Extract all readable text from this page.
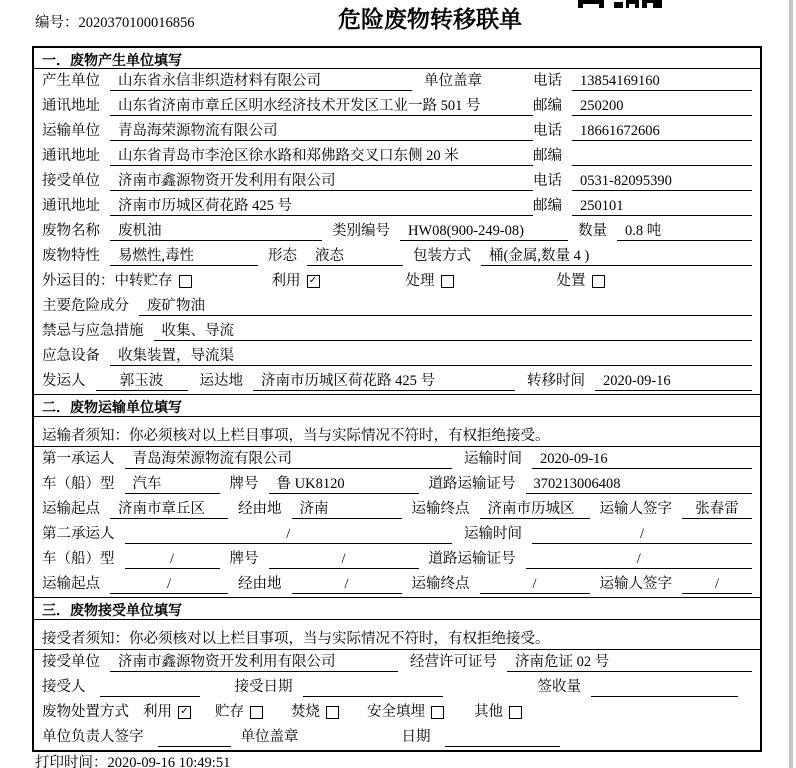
编号：2020370100016856	危险废物转移联单
一．废物产生单位填写
产生单位	山东省永信非织造材料有限公司	单位盖章	电话	13854169160
通讯地址	山东省济南市章丘区明水经济技术开发区工业一路 501 号	邮编	250200
运输单位	青岛海荣源物流有限公司	电话	18661672606
通讯地址	山东省青岛市李沧区徐水路和郑佛路交叉口东侧 20 米	邮编
接受单位	济南市鑫源物资开发利用有限公司	电话	0531-82095390
通讯地址	济南市历城区荷花路 425 号	邮编	250101
废物名称	废机油	类别编号	HW08(900-249-08)	数量	0.8 吨
废物特性	易燃性,毒性	形态	液态	包装方式	桶(金属,数量 4 )
外运目的： 中转贮存	利用 ✓	处理	处置
主要危险成分	废矿物油
禁忌与应急措施	收集、导流
应急设备	收集装置，导流渠
发运人	郭玉波	运达地	济南市历城区荷花路 425 号	转移时间	2020-09-16
二．废物运输单位填写
运输者须知：你必须核对以上栏目事项，当与实际情况不符时，有权拒绝接受。
第一承运人	青岛海荣源物流有限公司	运输时间	2020-09-16
车（船）型	汽车	牌号	鲁 UK8120	道路运输证号	370213006408
运输起点	济南市章丘区	经由地	济南	运输终点	济南市历城区	运输人签字	张春雷
第二承运人	/	运输时间	/
车（船）型	/	牌号	/	道路运输证号	/
运输起点	/	经由地	/	运输终点	/	运输人签字	/
三．废物接受单位填写
接受者须知：你必须核对以上栏目事项，当与实际情况不符时，有权拒绝接受。
接受单位	济南市鑫源物资开发利用有限公司	经营许可证号	济南危证 02 号
接受人	接受日期	签收量
废物处置方式 利用 ✓ 贮存	焚烧	安全填埋	其他
单位负责人签字	单位盖章	日期
打印时间：2020-09-16 10:49:51
